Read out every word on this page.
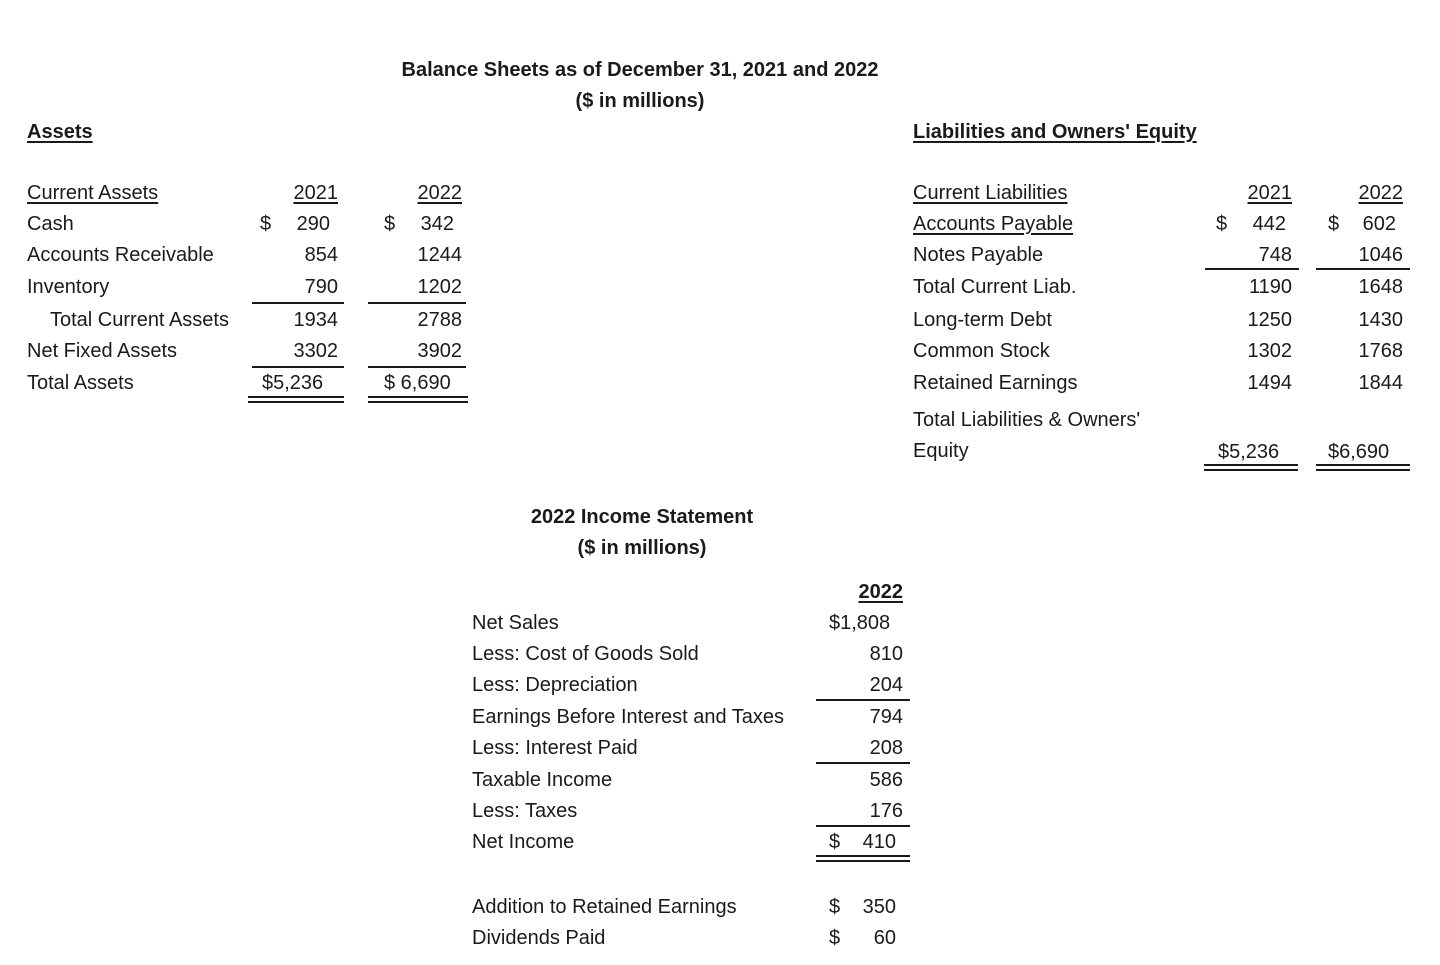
Balance Sheets as of December 31, 2021 and 2022
($ in millions)
Assets
Current Assets	2021	2022
Cash	$ 290	$ 342
Accounts Receivable	854	1244
Inventory	790	1202
Total Current Assets	1934	2788
Net Fixed Assets	3302	3902
Total Assets	$5,236	$ 6,690
Liabilities and Owners' Equity
Current Liabilities	2021	2022
Accounts Payable	$ 442 $ 602
Notes Payable	748	1046
Total Current Liab.	1190	1648
Long-term Debt	1250	1430
Common Stock	1302	1768
Retained Earnings	1494	1844
Total Liabilities & Owners'
Equity	$5,236 $6,690
2022 Income Statement
($ in millions)
2022
Net Sales	$1,808
Less: Cost of Goods Sold	810
Less: Depreciation	204
Earnings Before Interest and Taxes	794
Less: Interest Paid	208
Taxable Income	586
Less: Taxes	176
Net Income	$ 410
Addition to Retained Earnings	$ 350
Dividends Paid	$ 60
